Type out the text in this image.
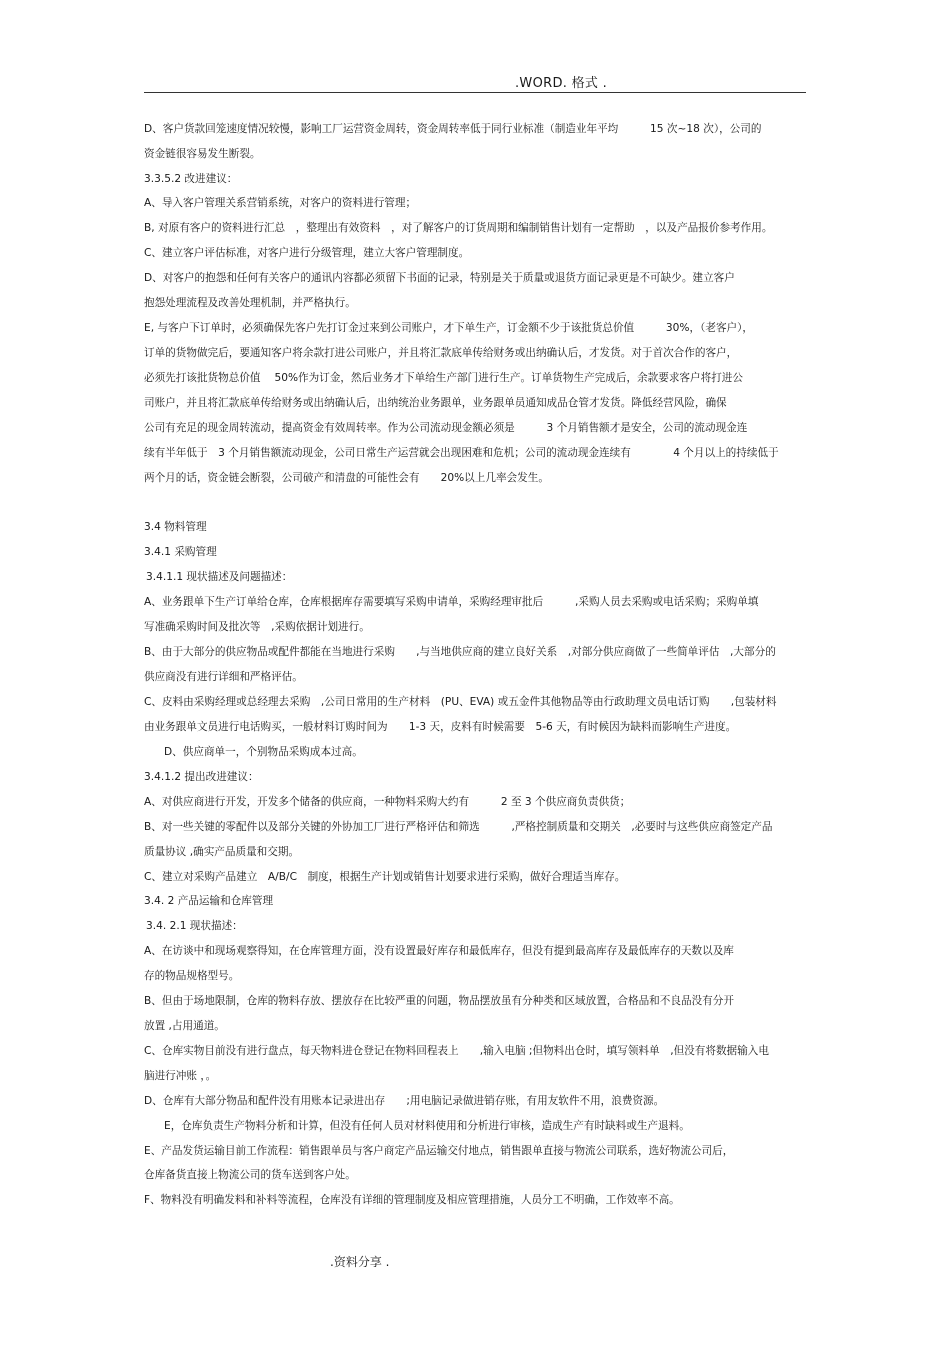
.WORD. 格式 .
D、客户货款回笼速度情况较慢，影响工厂运营资金周转，资金周转率低于同行业标准（制造业年平均　　　15 次~18 次），公司的
资金链很容易发生断裂。
3.3.5.2 改进建议：
A、导入客户管理关系营销系统，对客户的资料进行管理；
B, 对原有客户的资料进行汇总　，整理出有效资料　，对了解客户的订货周期和编制销售计划有一定帮助　，以及产品报价参考作用。
C、建立客户评估标准，对客户进行分级管理，建立大客户管理制度。
D、对客户的抱怨和任何有关客户的通讯内容都必须留下书面的记录，特别是关于质量或退货方面记录更是不可缺少。建立客户
抱怨处理流程及改善处理机制，并严格执行。
E, 与客户下订单时，必须确保先客户先打订金过来到公司账户，才下单生产，订金额不少于该批货总价值　　　30%，（老客户），
订单的货物做完后，要通知客户将余款打进公司账户，并且将汇款底单传给财务或出纳确认后，才发货。对于首次合作的客户，
必须先打该批货物总价值　 50%作为订金，然后业务才下单给生产部门进行生产。订单货物生产完成后，余款要求客户将打进公
司账户，并且将汇款底单传给财务或出纳确认后，出纳统治业务跟单，业务跟单员通知成品仓管才发货。降低经营风险，确保
公司有充足的现金周转流动，提高资金有效周转率。作为公司流动现金额必须是　　　3 个月销售额才是安全，公司的流动现金连
续有半年低于　3 个月销售额流动现金，公司日常生产运营就会出现困难和危机；公司的流动现金连续有　　　　4 个月以上的持续低于
两个月的话，资金链会断裂，公司破产和清盘的可能性会有　　20%以上几率会发生。
3.4 物料管理
3.4.1 采购管理
3.4.1.1 现状描述及问题描述：
A、业务跟单下生产订单给仓库，仓库根据库存需要填写采购申请单，采购经理审批后　　　,采购人员去采购或电话采购；采购单填
写准确采购时间及批次等　,采购依据计划进行。
B、由于大部分的供应物品或配件都能在当地进行采购　　,与当地供应商的建立良好关系　,对部分供应商做了一些简单评估　,大部分的
供应商没有进行详细和严格评估。
C、皮料由采购经理或总经理去采购　,公司日常用的生产材料　(PU、EVA) 或五金件其他物品等由行政助理文员电话订购　　,包装材料
由业务跟单文员进行电话购买，一般材料订购时间为　　1-3 天，皮料有时候需要　5-6 天，有时候因为缺料而影响生产进度。
D、供应商单一，个别物品采购成本过高。
3.4.1.2 提出改进建议：
A、对供应商进行开发，开发多个储备的供应商，一种物料采购大约有　　　2 至 3 个供应商负责供货；
B、对一些关键的零配件以及部分关键的外协加工厂进行严格评估和筛选　　　,严格控制质量和交期关　,必要时与这些供应商签定产品
质量协议 ,确实产品质量和交期。
C、建立对采购产品建立　A/B/C　制度，根据生产计划或销售计划要求进行采购，做好合理适当库存。
3.4. 2 产品运输和仓库管理
3.4. 2.1 现状描述：
A、在访谈中和现场观察得知，在仓库管理方面，没有设置最好库存和最低库存，但没有提到最高库存及最低库存的天数以及库
存的物品规格型号。
B、但由于场地限制，仓库的物料存放、摆放存在比较严重的问题，物品摆放虽有分种类和区域放置，合格品和不良品没有分开
放置 ,占用通道。
C、仓库实物目前没有进行盘点，每天物料进仓登记在物料回程表上　　,输入电脑 ;但物料出仓时，填写领料单　,但没有将数据输入电
脑进行冲账 ，。
D、仓库有大部分物品和配件没有用账本记录进出存　　;用电脑记录做进销存账，有用友软件不用，浪费资源。
E，仓库负责生产物料分析和计算，但没有任何人员对材料使用和分析进行审核，造成生产有时缺料或生产退料。
E、产品发货运输目前工作流程：销售跟单员与客户商定产品运输交付地点，销售跟单直接与物流公司联系，选好物流公司后，
仓库备货直接上物流公司的货车送到客户处。
F、物料没有明确发料和补料等流程，仓库没有详细的管理制度及相应管理措施，人员分工不明确，工作效率不高。
.资料分享 .
